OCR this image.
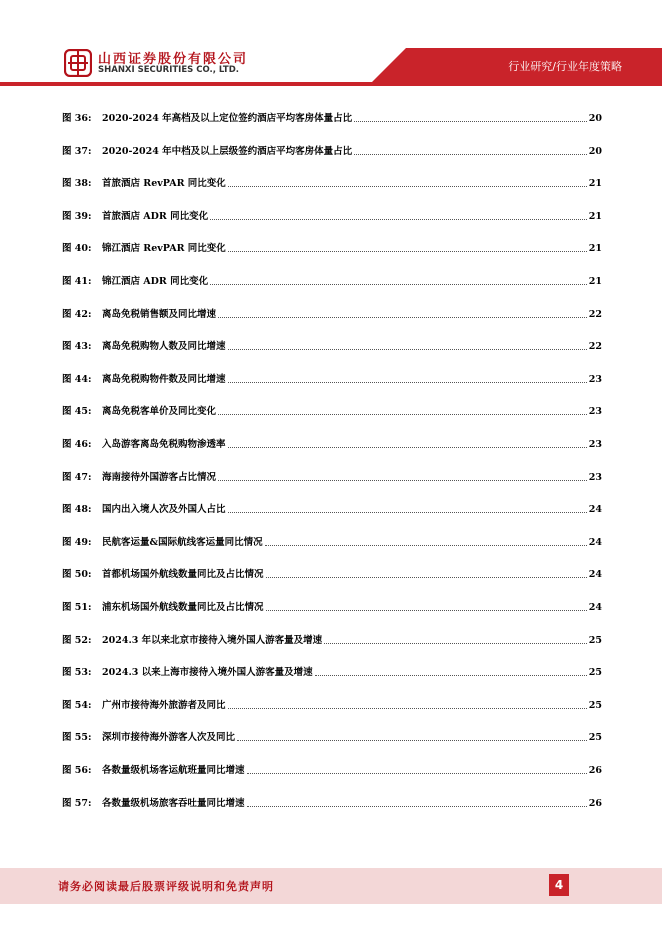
山西证券股份有限公司
SHANXI SECURITIES CO., LTD.	行业研究/行业年度策略
图 36:	2020-2024 年高档及以上定位签约酒店平均客房体量占比	20
图 37:	2020-2024 年中档及以上层级签约酒店平均客房体量占比	20
图 38:	首旅酒店 RevPAR 同比变化	21
图 39:	首旅酒店 ADR 同比变化	21
图 40:	锦江酒店 RevPAR 同比变化	21
图 41:	锦江酒店 ADR 同比变化	21
图 42:	离岛免税销售额及同比增速	22
图 43:	离岛免税购物人数及同比增速	22
图 44:	离岛免税购物件数及同比增速	23
图 45:	离岛免税客单价及同比变化	23
图 46:	入岛游客离岛免税购物渗透率	23
图 47:	海南接待外国游客占比情况	23
图 48:	国内出入境人次及外国人占比	24
图 49:	民航客运量&国际航线客运量同比情况	24
图 50:	首都机场国外航线数量同比及占比情况	24
图 51:	浦东机场国外航线数量同比及占比情况	24
图 52:	2024.3 年以来北京市接待入境外国人游客量及增速	25
图 53:	2024.3 以来上海市接待入境外国人游客量及增速	25
图 54:	广州市接待海外旅游者及同比	25
图 55:	深圳市接待海外游客人次及同比	25
图 56:	各数量级机场客运航班量同比增速	26
图 57:	各数量级机场旅客吞吐量同比增速	26
请务必阅读最后股票评级说明和免责声明	4
